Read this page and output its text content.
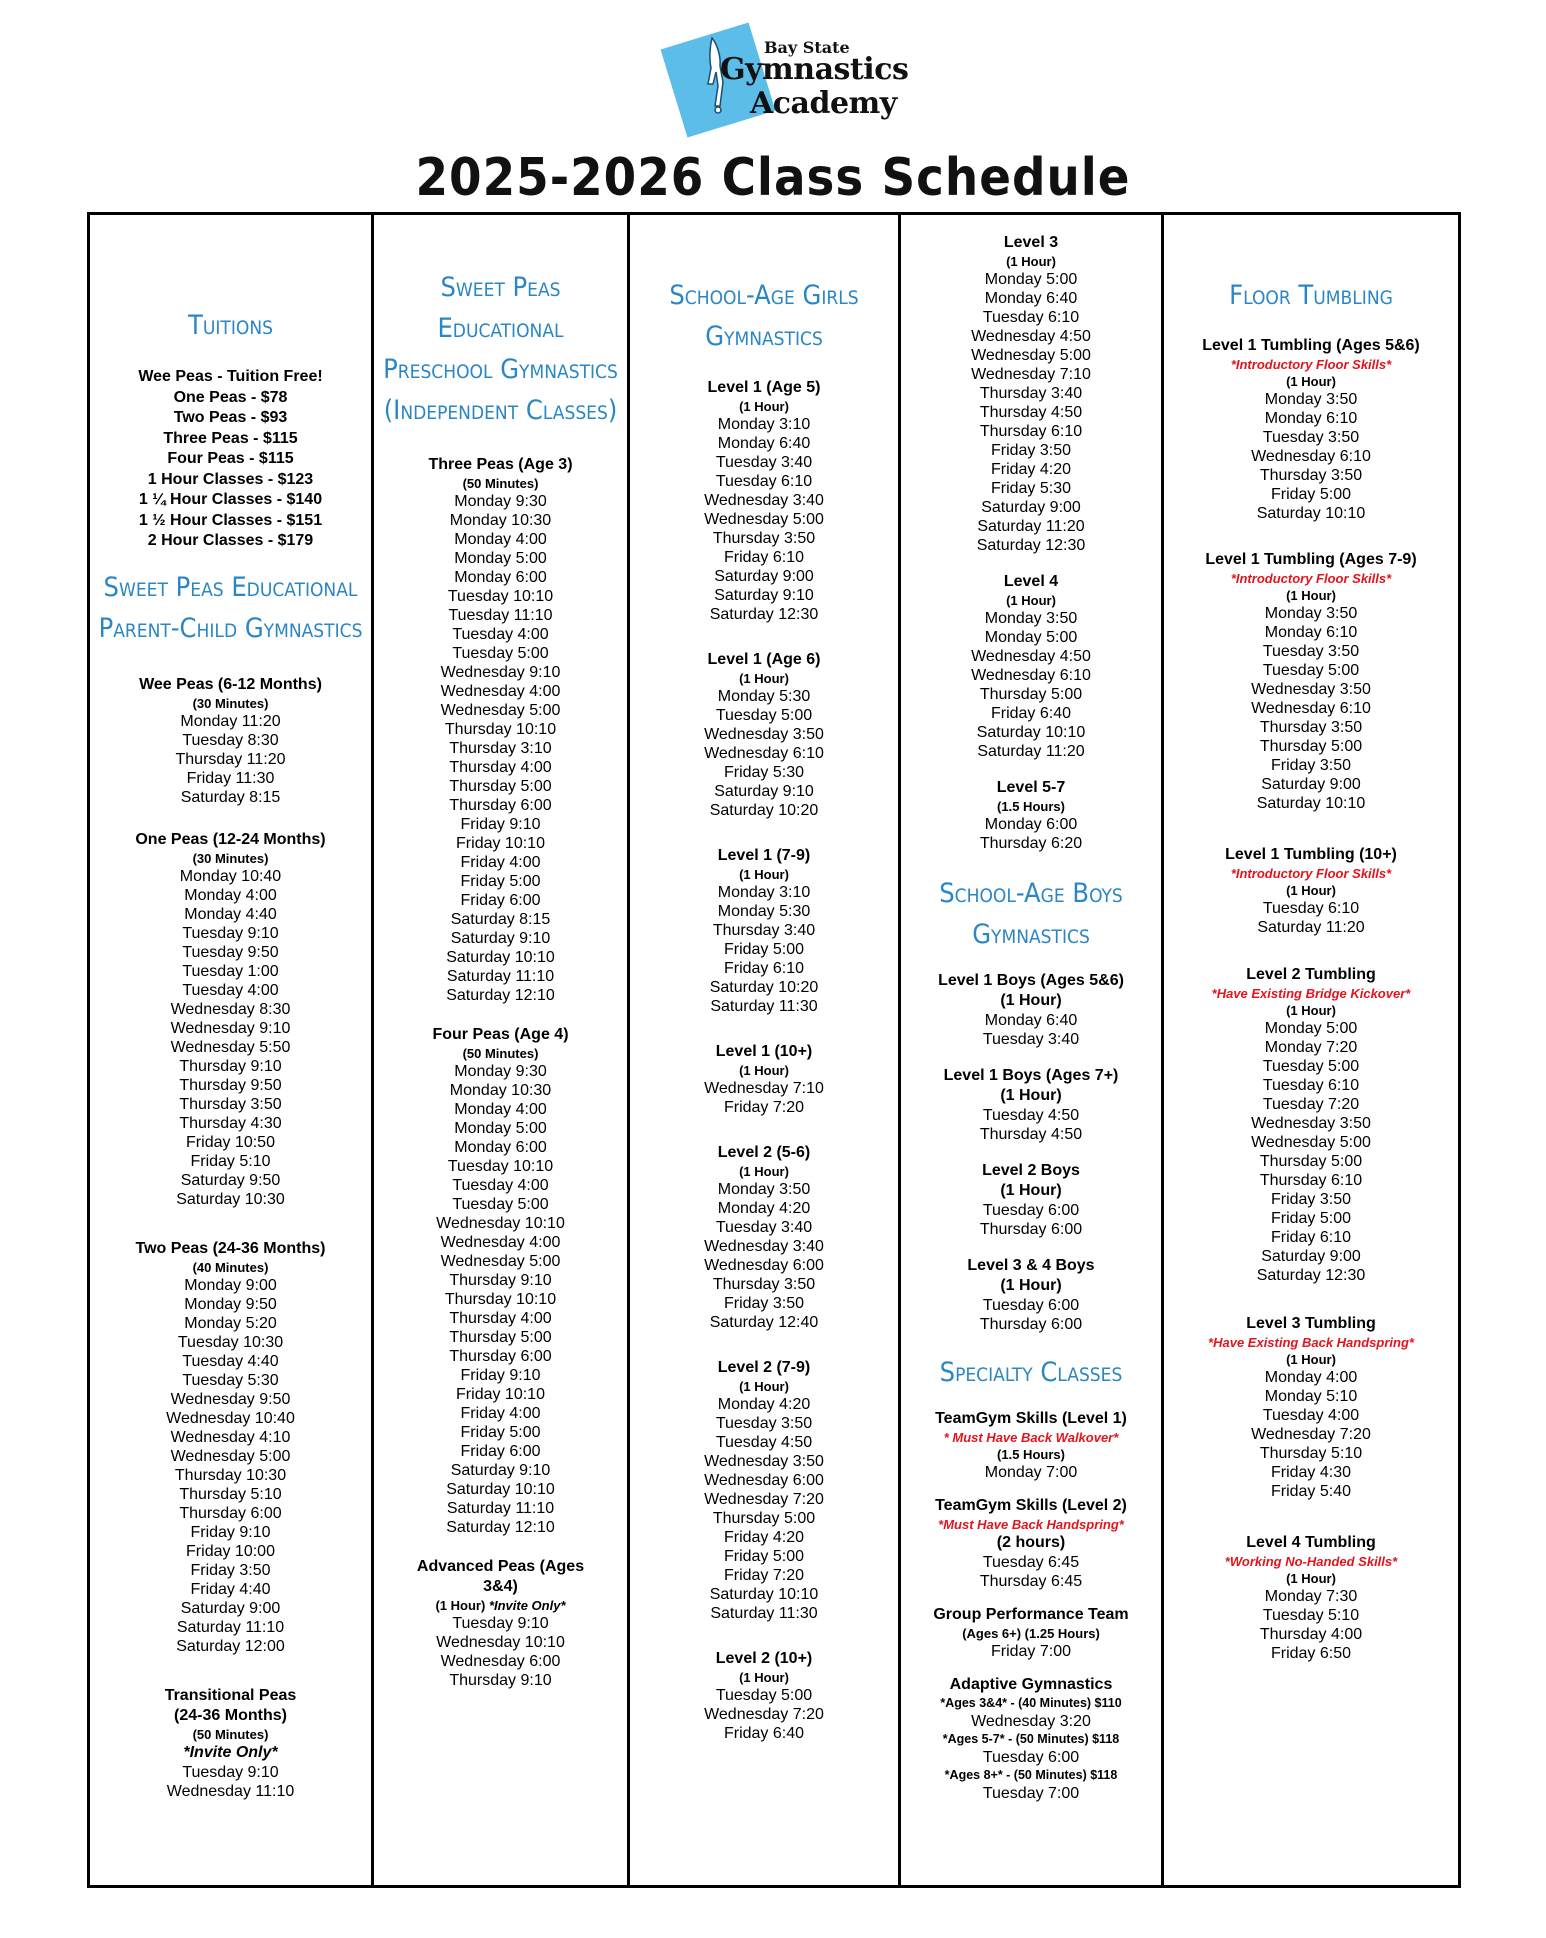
Bay State
Gymnastics
Academy
2025-2026 Class Schedule
Tuitions
Wee Peas - Tuition Free!
One Peas - $78
Two Peas - $93
Three Peas - $115
Four Peas - $115
1 Hour Classes - $123
1 ¼ Hour Classes - $140
1 ½ Hour Classes - $151
2 Hour Classes - $179
Sweet Peas Educational
Parent-Child Gymnastics
Wee Peas (6-12 Months)
(30 Minutes)
Monday 11:20
Tuesday 8:30
Thursday 11:20
Friday 11:30
Saturday 8:15
One Peas (12-24 Months)
(30 Minutes)
Monday 10:40
Monday 4:00
Monday 4:40
Tuesday 9:10
Tuesday 9:50
Tuesday 1:00
Tuesday 4:00
Wednesday 8:30
Wednesday 9:10
Wednesday 5:50
Thursday 9:10
Thursday 9:50
Thursday 3:50
Thursday 4:30
Friday 10:50
Friday 5:10
Saturday 9:50
Saturday 10:30
Two Peas (24-36 Months)
(40 Minutes)
Monday 9:00
Monday 9:50
Monday 5:20
Tuesday 10:30
Tuesday 4:40
Tuesday 5:30
Wednesday 9:50
Wednesday 10:40
Wednesday 4:10
Wednesday 5:00
Thursday 10:30
Thursday 5:10
Thursday 6:00
Friday 9:10
Friday 10:00
Friday 3:50
Friday 4:40
Saturday 9:00
Saturday 11:10
Saturday 12:00
Transitional Peas
(24-36 Months)
(50 Minutes)
*Invite Only*
Tuesday 9:10
Wednesday 11:10
Sweet Peas Educational
Preschool Gymnastics
(Independent Classes)
Three Peas (Age 3)
(50 Minutes)
Monday 9:30
Monday 10:30
Monday 4:00
Monday 5:00
Monday 6:00
Tuesday 10:10
Tuesday 11:10
Tuesday 4:00
Tuesday 5:00
Wednesday 9:10
Wednesday 4:00
Wednesday 5:00
Thursday 10:10
Thursday 3:10
Thursday 4:00
Thursday 5:00
Thursday 6:00
Friday 9:10
Friday 10:10
Friday 4:00
Friday 5:00
Friday 6:00
Saturday 8:15
Saturday 9:10
Saturday 10:10
Saturday 11:10
Saturday 12:10
Four Peas (Age 4)
(50 Minutes)
Monday 9:30
Monday 10:30
Monday 4:00
Monday 5:00
Monday 6:00
Tuesday 10:10
Tuesday 4:00
Tuesday 5:00
Wednesday 10:10
Wednesday 4:00
Wednesday 5:00
Thursday 9:10
Thursday 10:10
Thursday 4:00
Thursday 5:00
Thursday 6:00
Friday 9:10
Friday 10:10
Friday 4:00
Friday 5:00
Friday 6:00
Saturday 9:10
Saturday 10:10
Saturday 11:10
Saturday 12:10
Advanced Peas (Ages
3&4)
(1 Hour) *Invite Only*
Tuesday 9:10
Wednesday 10:10
Wednesday 6:00
Thursday 9:10
School-Age Girls
Gymnastics
Level 1 (Age 5)
(1 Hour)
Monday 3:10
Monday 6:40
Tuesday 3:40
Tuesday 6:10
Wednesday 3:40
Wednesday 5:00
Thursday 3:50
Friday 6:10
Saturday 9:00
Saturday 9:10
Saturday 12:30
Level 1 (Age 6)
(1 Hour)
Monday 5:30
Tuesday 5:00
Wednesday 3:50
Wednesday 6:10
Friday 5:30
Saturday 9:10
Saturday 10:20
Level 1 (7-9)
(1 Hour)
Monday 3:10
Monday 5:30
Thursday 3:40
Friday 5:00
Friday 6:10
Saturday 10:20
Saturday 11:30
Level 1 (10+)
(1 Hour)
Wednesday 7:10
Friday 7:20
Level 2 (5-6)
(1 Hour)
Monday 3:50
Monday 4:20
Tuesday 3:40
Wednesday 3:40
Wednesday 6:00
Thursday 3:50
Friday 3:50
Saturday 12:40
Level 2 (7-9)
(1 Hour)
Monday 4:20
Tuesday 3:50
Tuesday 4:50
Wednesday 3:50
Wednesday 6:00
Wednesday 7:20
Thursday 5:00
Friday 4:20
Friday 5:00
Friday 7:20
Saturday 10:10
Saturday 11:30
Level 2 (10+)
(1 Hour)
Tuesday 5:00
Wednesday 7:20
Friday 6:40
Level 3
(1 Hour)
Monday 5:00
Monday 6:40
Tuesday 6:10
Wednesday 4:50
Wednesday 5:00
Wednesday 7:10
Thursday 3:40
Thursday 4:50
Thursday 6:10
Friday 3:50
Friday 4:20
Friday 5:30
Saturday 9:00
Saturday 11:20
Saturday 12:30
Level 4
(1 Hour)
Monday 3:50
Monday 5:00
Wednesday 4:50
Wednesday 6:10
Thursday 5:00
Friday 6:40
Saturday 10:10
Saturday 11:20
Level 5-7
(1.5 Hours)
Monday 6:00
Thursday 6:20
School-Age Boys
Gymnastics
Level 1 Boys (Ages 5&6)
(1 Hour)
Monday 6:40
Tuesday 3:40
Level 1 Boys (Ages 7+)
(1 Hour)
Tuesday 4:50
Thursday 4:50
Level 2 Boys
(1 Hour)
Tuesday 6:00
Thursday 6:00
Level 3 & 4 Boys
(1 Hour)
Tuesday 6:00
Thursday 6:00
Specialty Classes
TeamGym Skills (Level 1)
* Must Have Back Walkover*
(1.5 Hours)
Monday 7:00
TeamGym Skills (Level 2)
*Must Have Back Handspring*
(2 hours)
Tuesday 6:45
Thursday 6:45
Group Performance Team
(Ages 6+) (1.25 Hours)
Friday 7:00
Adaptive Gymnastics
*Ages 3&4* - (40 Minutes) $110
Wednesday 3:20
*Ages 5-7* - (50 Minutes) $118
Tuesday 6:00
*Ages 8+* - (50 Minutes) $118
Tuesday 7:00
Floor Tumbling
Level 1 Tumbling (Ages 5&6)
*Introductory Floor Skills*
(1 Hour)
Monday 3:50
Monday 6:10
Tuesday 3:50
Wednesday 6:10
Thursday 3:50
Friday 5:00
Saturday 10:10
Level 1 Tumbling (Ages 7-9)
*Introductory Floor Skills*
(1 Hour)
Monday 3:50
Monday 6:10
Tuesday 3:50
Tuesday 5:00
Wednesday 3:50
Wednesday 6:10
Thursday 3:50
Thursday 5:00
Friday 3:50
Saturday 9:00
Saturday 10:10
Level 1 Tumbling (10+)
*Introductory Floor Skills*
(1 Hour)
Tuesday 6:10
Saturday 11:20
Level 2 Tumbling
*Have Existing Bridge Kickover*
(1 Hour)
Monday 5:00
Monday 7:20
Tuesday 5:00
Tuesday 6:10
Tuesday 7:20
Wednesday 3:50
Wednesday 5:00
Thursday 5:00
Thursday 6:10
Friday 3:50
Friday 5:00
Friday 6:10
Saturday 9:00
Saturday 12:30
Level 3 Tumbling
*Have Existing Back Handspring*
(1 Hour)
Monday 4:00
Monday 5:10
Tuesday 4:00
Wednesday 7:20
Thursday 5:10
Friday 4:30
Friday 5:40
Level 4 Tumbling
*Working No-Handed Skills*
(1 Hour)
Monday 7:30
Tuesday 5:10
Thursday 4:00
Friday 6:50
